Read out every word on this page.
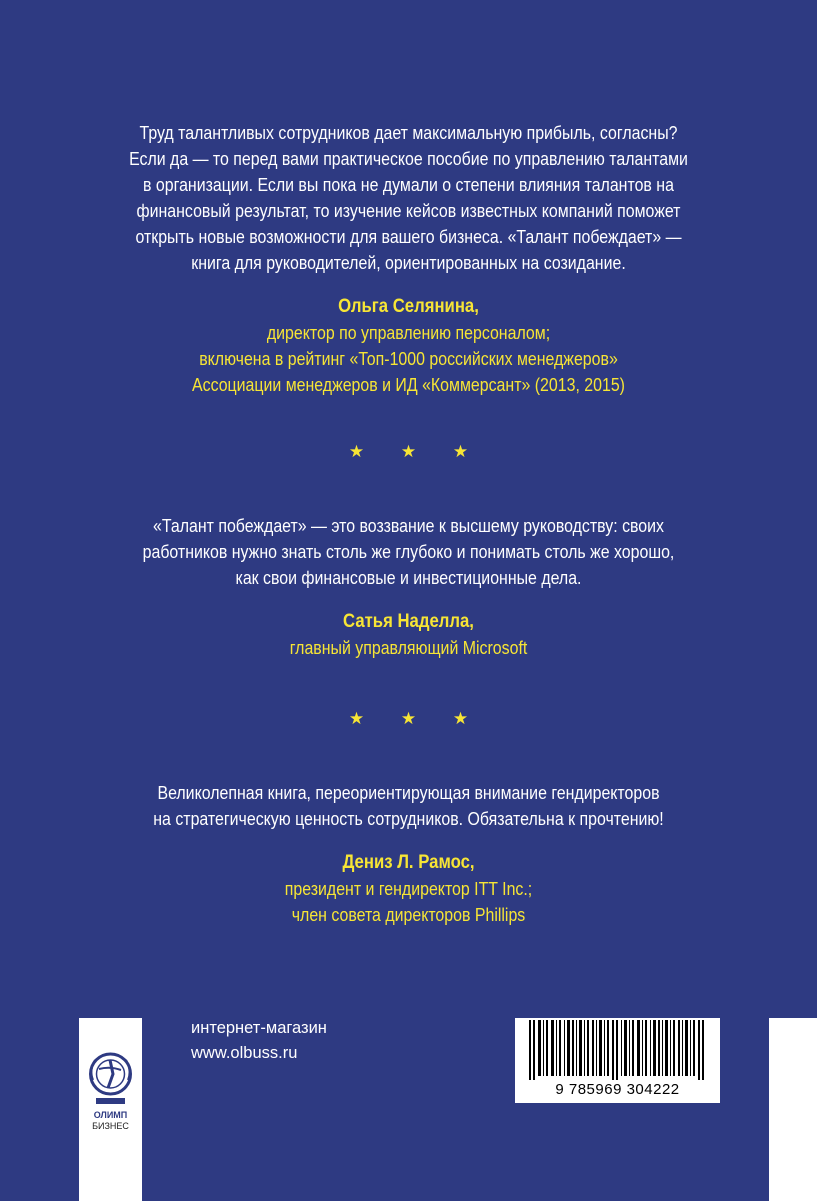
Труд талантливых сотрудников дает максимальную прибыль, согласны?
Если да — то перед вами практическое пособие по управлению талантами
в организации. Если вы пока не думали о степени влияния талантов на
финансовый результат, то изучение кейсов известных компаний поможет
открыть новые возможности для вашего бизнеса. «Талант побеждает» —
книга для руководителей, ориентированных на созидание.

Ольга Селянина,

директор по управлению персоналом;
включена в рейтинг «Топ-1000 российских менеджеров»
Ассоциации менеджеров и ИД «Коммерсант» (2013, 2015)

★ ★ ★

«Талант побеждает» — это воззвание к высшему руководству: своих
работников нужно знать столь же глубоко и понимать столь же хорошо,
как свои финансовые и инвестиционные дела.

Сатья Наделла,

главный управляющий Microsoft

★ ★ ★

Великолепная книга, переориентирующая внимание гендиректоров
на стратегическую ценность сотрудников. Обязательна к прочтению!

Дениз Л. Рамос,

президент и гендиректор ITT Inc.;
член совета директоров Phillips

интернет-магазин
www.olbuss.ru
ОЛИМП
БИЗНЕС
9 785969 304222
